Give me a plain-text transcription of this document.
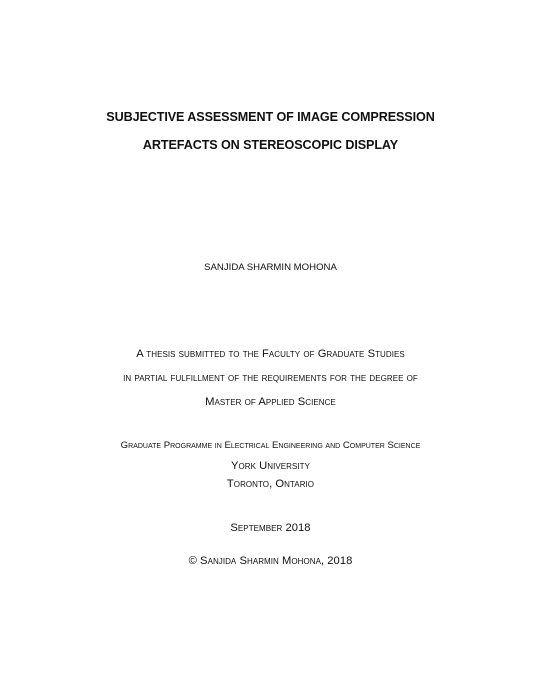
SUBJECTIVE ASSESSMENT OF IMAGE COMPRESSION
ARTEFACTS ON STEREOSCOPIC DISPLAY
SANJIDA SHARMIN MOHONA
A thesis submitted to the Faculty of Graduate Studies
in partial fulfillment of the requirements for the degree of
Master of Applied Science
Graduate Programme in Electrical Engineering and Computer Science
York University
Toronto, Ontario
September 2018
© Sanjida Sharmin Mohona, 2018
